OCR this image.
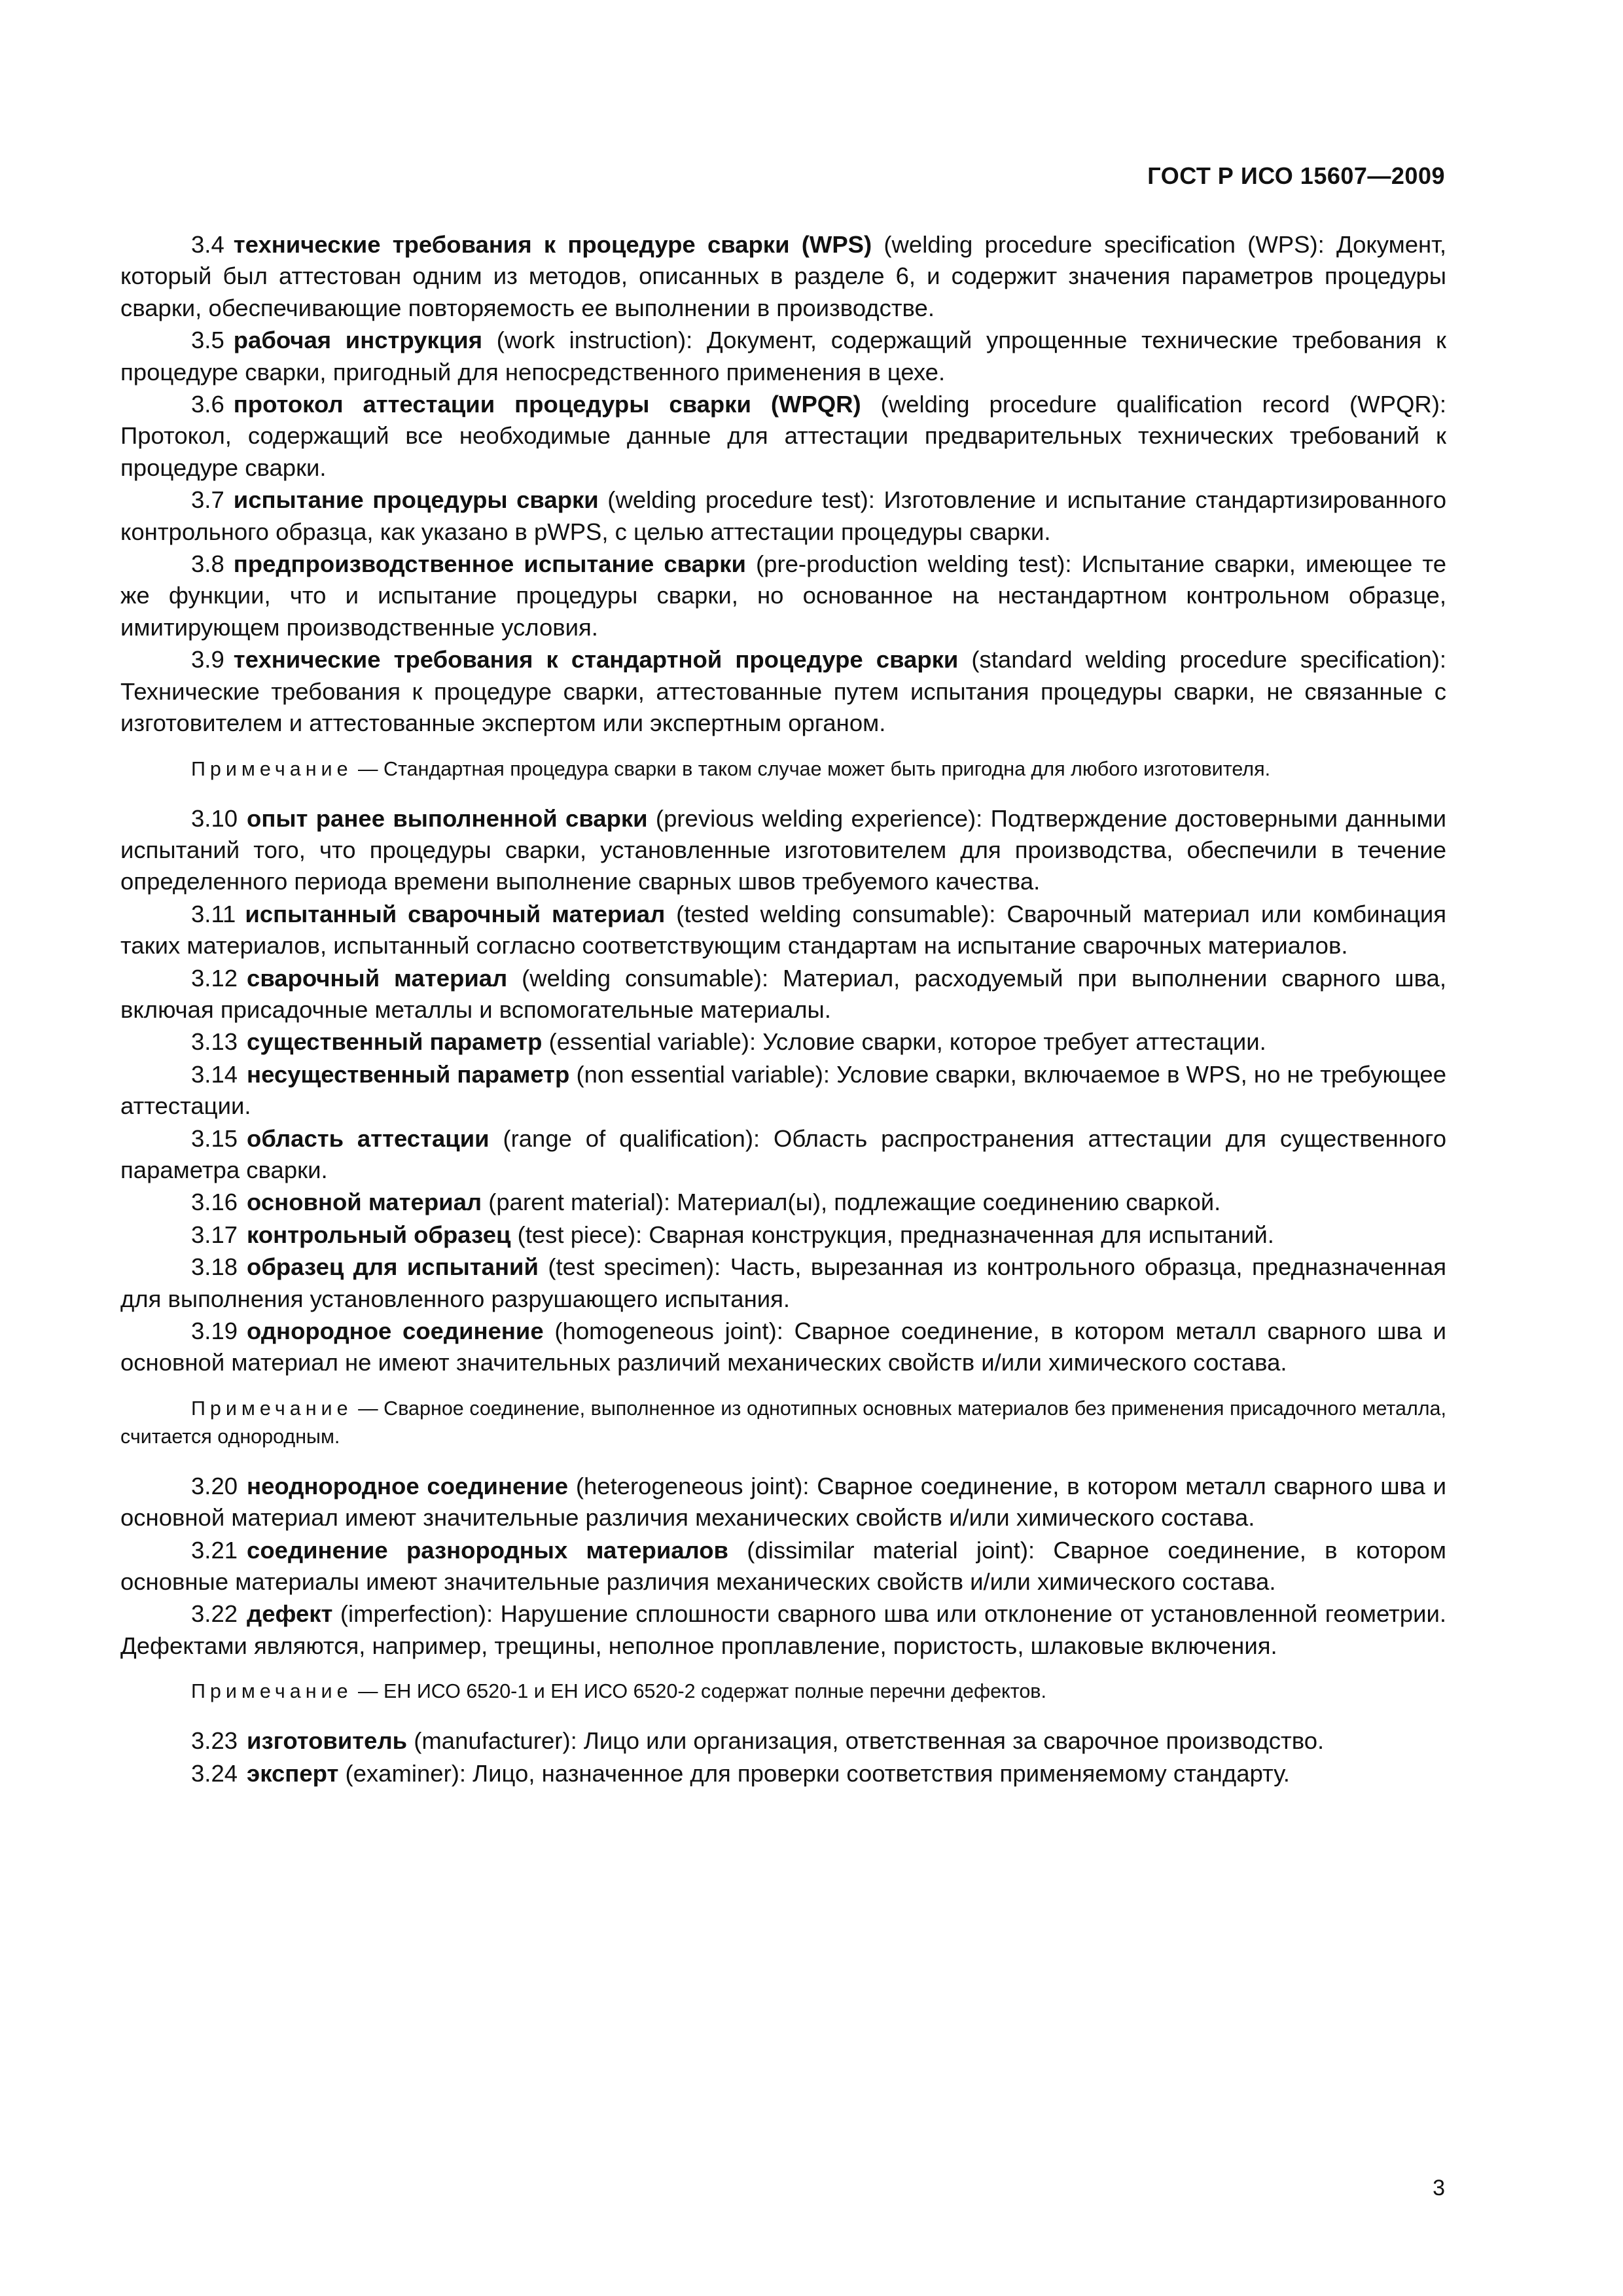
ГОСТ Р ИСО 15607—2009

3.4 технические требования к процедуре сварки (WPS) (welding procedure specification (WPS): Документ, который был аттестован одним из методов, описанных в разделе 6, и содержит значения параметров процедуры сварки, обеспечивающие повторяемость ее выполнении в производстве.

3.5 рабочая инструкция (work instruction): Документ, содержащий упрощенные технические требования к процедуре сварки, пригодный для непосредственного применения в цехе.

3.6 протокол аттестации процедуры сварки (WPQR) (welding procedure qualification record (WPQR): Протокол, содержащий все необходимые данные для аттестации предварительных технических требований к процедуре сварки.

3.7 испытание процедуры сварки (welding procedure test): Изготовление и испытание стандартизированного контрольного образца, как указано в pWPS, с целью аттестации процедуры сварки.

3.8 предпроизводственное испытание сварки (pre-production welding test): Испытание сварки, имеющее те же функции, что и испытание процедуры сварки, но основанное на нестандартном контрольном образце, имитирующем производственные условия.

3.9 технические требования к стандартной процедуре сварки (standard welding procedure specification): Технические требования к процедуре сварки, аттестованные путем испытания процедуры сварки, не связанные с изготовителем и аттестованные экспертом или экспертным органом.

Примечание — Стандартная процедура сварки в таком случае может быть пригодна для любого изготовителя.

3.10 опыт ранее выполненной сварки (previous welding experience): Подтверждение достоверными данными испытаний того, что процедуры сварки, установленные изготовителем для производства, обеспечили в течение определенного периода времени выполнение сварных швов требуемого качества.

3.11 испытанный сварочный материал (tested welding consumable): Сварочный материал или комбинация таких материалов, испытанный согласно соответствующим стандартам на испытание сварочных материалов.

3.12 сварочный материал (welding consumable): Материал, расходуемый при выполнении сварного шва, включая присадочные металлы и вспомогательные материалы.

3.13 существенный параметр (essential variable): Условие сварки, которое требует аттестации.

3.14 несущественный параметр (non essential variable): Условие сварки, включаемое в WPS, но не требующее аттестации.

3.15 область аттестации (range of qualification): Область распространения аттестации для существенного параметра сварки.

3.16 основной материал (parent material): Материал(ы), подлежащие соединению сваркой.

3.17 контрольный образец (test piece): Сварная конструкция, предназначенная для испытаний.

3.18 образец для испытаний (test specimen): Часть, вырезанная из контрольного образца, предназначенная для выполнения установленного разрушающего испытания.

3.19 однородное соединение (homogeneous joint): Сварное соединение, в котором металл сварного шва и основной материал не имеют значительных различий механических свойств и/или химического состава.

Примечание — Сварное соединение, выполненное из однотипных основных материалов без применения присадочного металла, считается однородным.

3.20 неоднородное соединение (heterogeneous joint): Сварное соединение, в котором металл сварного шва и основной материал имеют значительные различия механических свойств и/или химического состава.

3.21 соединение разнородных материалов (dissimilar material joint): Сварное соединение, в котором основные материалы имеют значительные различия механических свойств и/или химического состава.

3.22 дефект (imperfection): Нарушение сплошности сварного шва или отклонение от установленной геометрии. Дефектами являются, например, трещины, неполное проплавление, пористость, шлаковые включения.

Примечание — ЕН ИСО 6520-1 и ЕН ИСО 6520-2 содержат полные перечни дефектов.

3.23 изготовитель (manufacturer): Лицо или организация, ответственная за сварочное производство.

3.24 эксперт (examiner): Лицо, назначенное для проверки соответствия применяемому стандарту.

3
